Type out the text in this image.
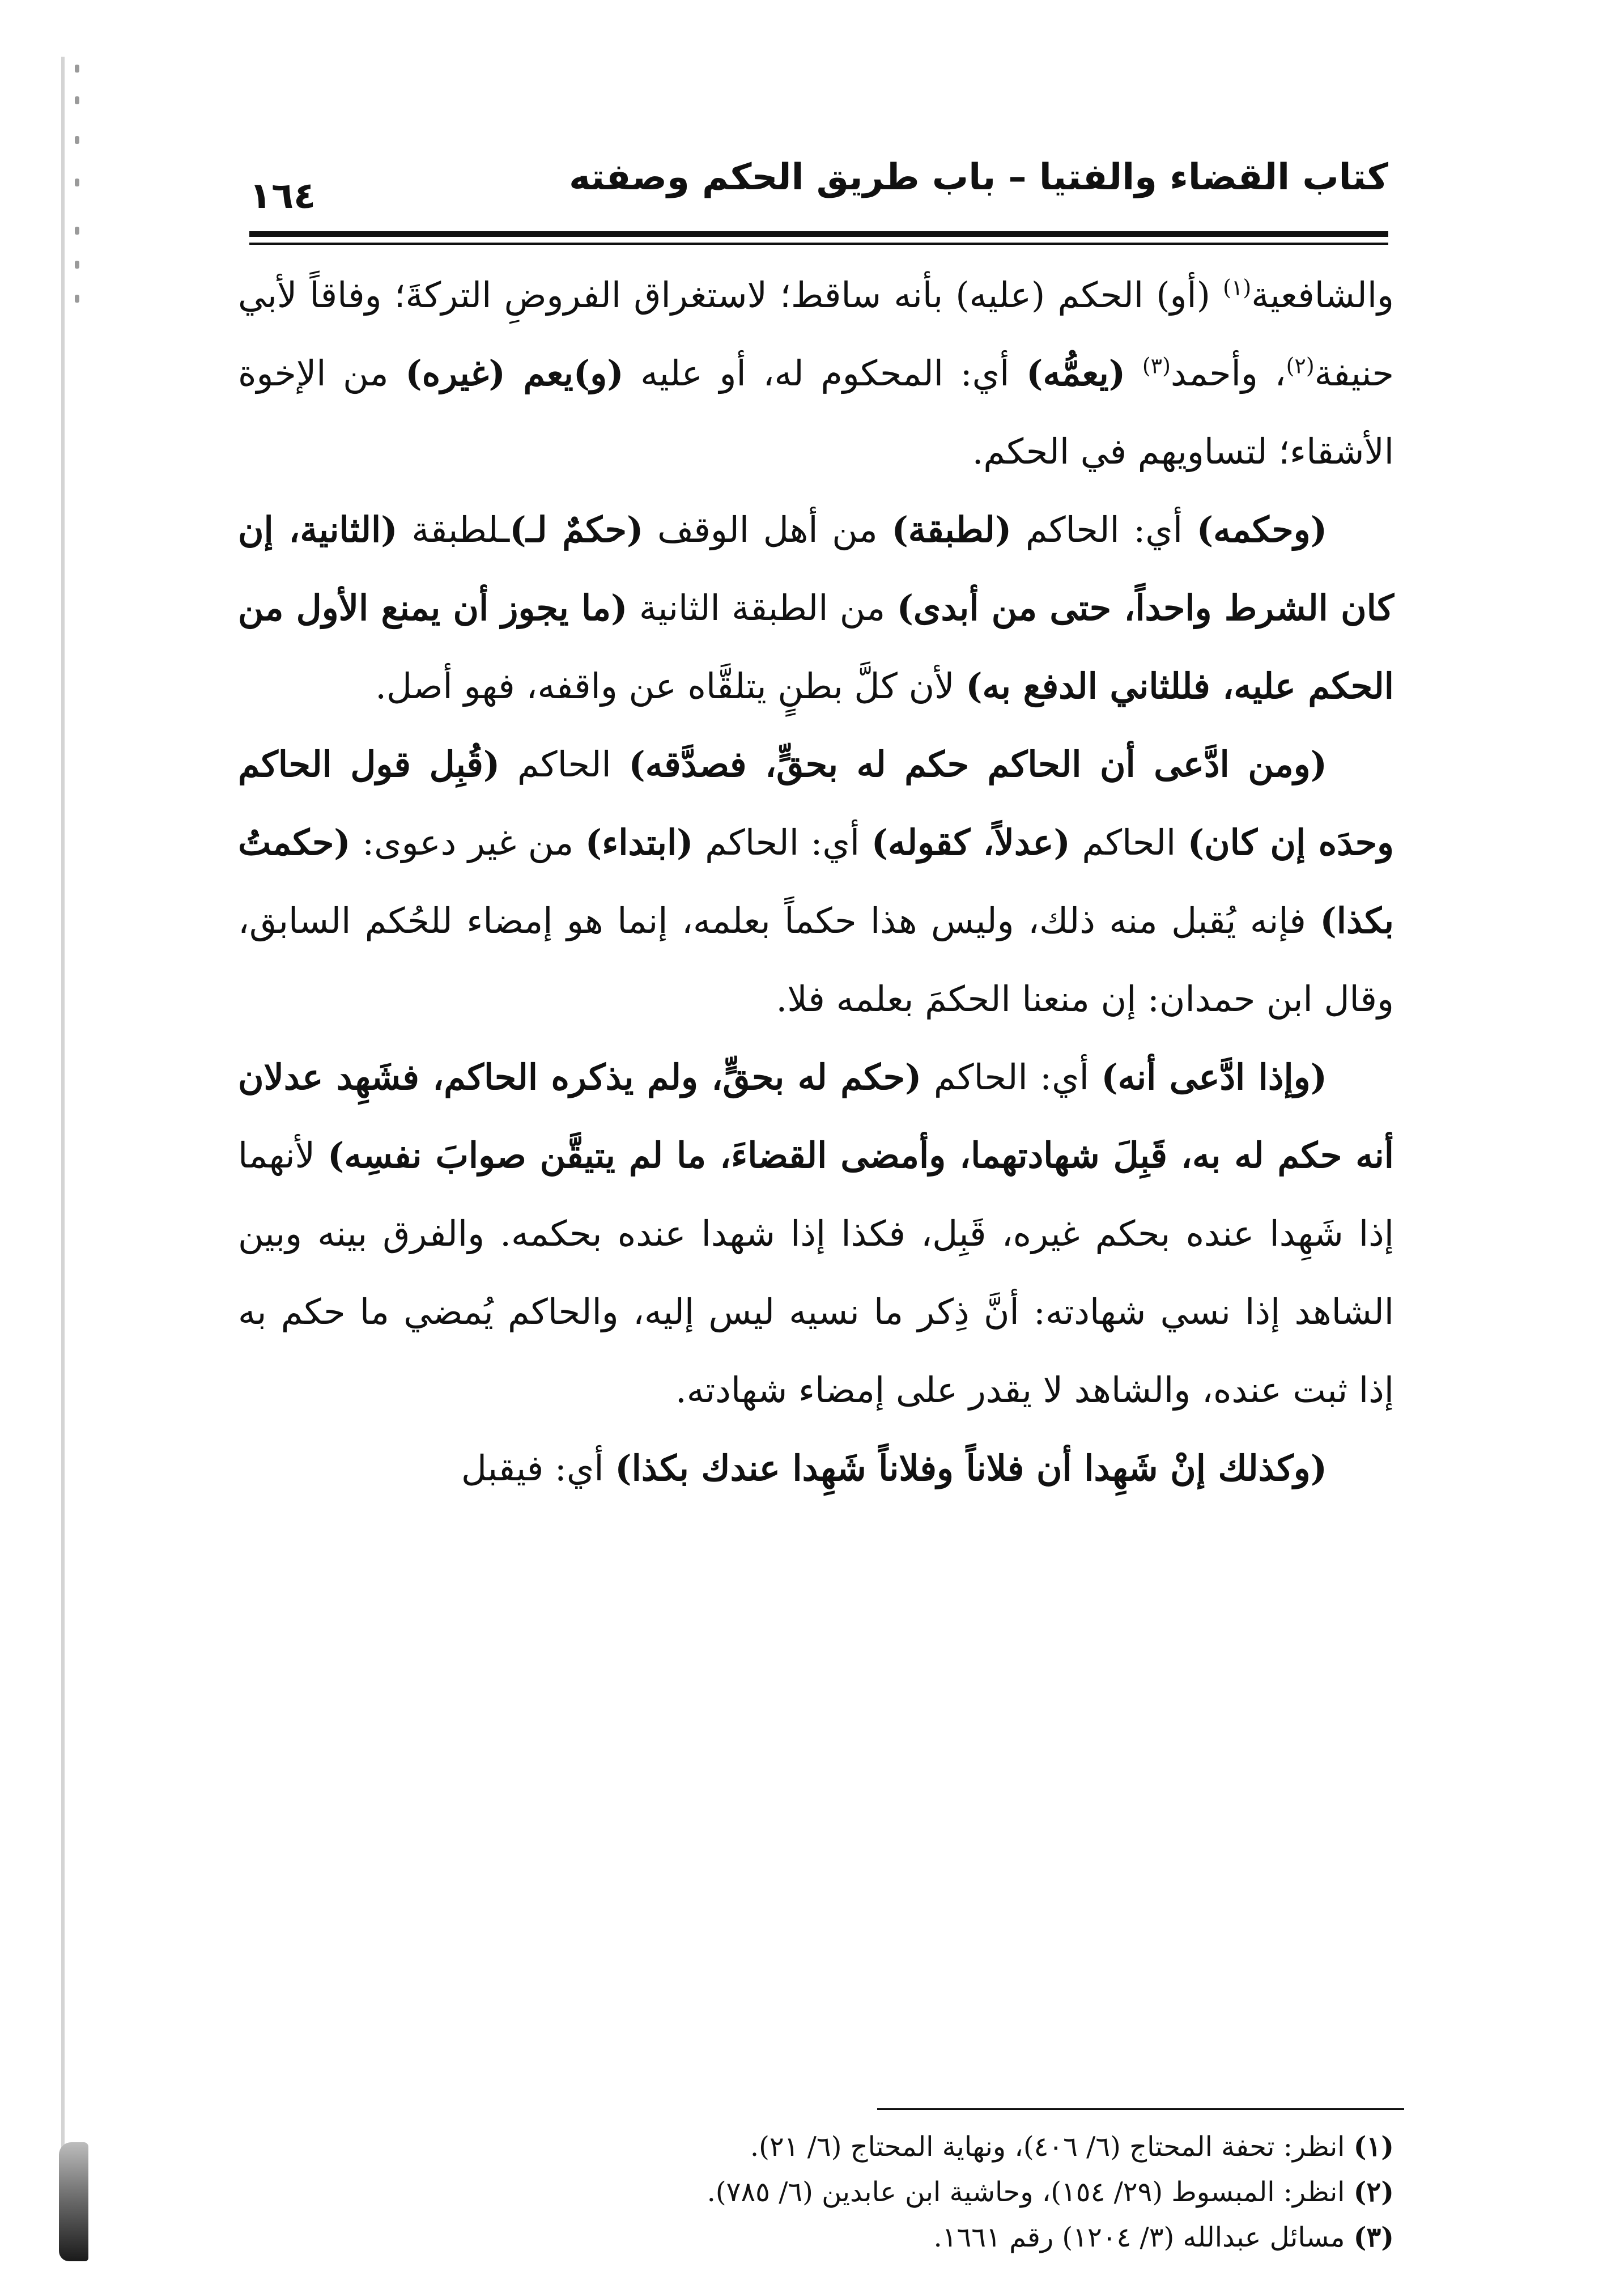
كتاب القضاء والفتيا – باب طريق الحكم وصفته
١٦٤

والشافعية$^{(١)}$ (أو) الحكم (عليه) بأنه ساقط؛ لاستغراق الفروضِ التركةَ؛ وفاقاً لأبي حنيفة$^{(٢)}$، وأحمد$^{(٣)}$ (يعمُّه) أي: المحكوم له، أو عليه (و)يعم (غيره) من الإخوة الأشقاء؛ لتساويهم في الحكم.

(وحكمه) أي: الحاكم (لطبقة) من أهل الوقف (حكمٌ لـ)ـلطبقة (الثانية، إن كان الشرط واحداً، حتى من أبدى) من الطبقة الثانية (ما يجوز أن يمنع الأول من الحكم عليه، فللثاني الدفع به) لأن كلَّ بطنٍ يتلقَّاه عن واقفه، فهو أصل.

(ومن ادَّعى أن الحاكم حكم له بحقٍّ، فصدَّقه) الحاكم (قُبِل قول الحاكم وحدَه إن كان) الحاكم (عدلاً، كقوله) أي: الحاكم (ابتداء) من غير دعوى: (حكمتُ بكذا) فإنه يُقبل منه ذلك، وليس هذا حكماً بعلمه، إنما هو إمضاء للحُكم السابق، وقال ابن حمدان: إن منعنا الحكمَ بعلمه فلا.

(وإذا ادَّعى أنه) أي: الحاكم (حكم له بحقٍّ، ولم يذكره الحاكم، فشَهِد عدلان أنه حكم له به، قَبِلَ شهادتهما، وأمضى القضاءَ، ما لم يتيقَّن صوابَ نفسِه) لأنهما إذا شَهِدا عنده بحكم غيره، قَبِل، فكذا إذا شهدا عنده بحكمه. والفرق بينه وبين الشاهد إذا نسي شهادته: أنَّ ذِكر ما نسيه ليس إليه، والحاكم يُمضي ما حكم به إذا ثبت عنده، والشاهد لا يقدر على إمضاء شهادته.

(وكذلك إنْ شَهِدا أن فلاناً وفلاناً شَهِدا عندك بكذا) أي: فيقبل

(١) انظر: تحفة المحتاج (٦/ ٤٠٦)، ونهاية المحتاج (٦/ ٢١).
(٢) انظر: المبسوط (٢٩/ ١٥٤)، وحاشية ابن عابدين (٦/ ٧٨٥).
(٣) مسائل عبدالله (٣/ ١٢٠٤) رقم ١٦٦١.
